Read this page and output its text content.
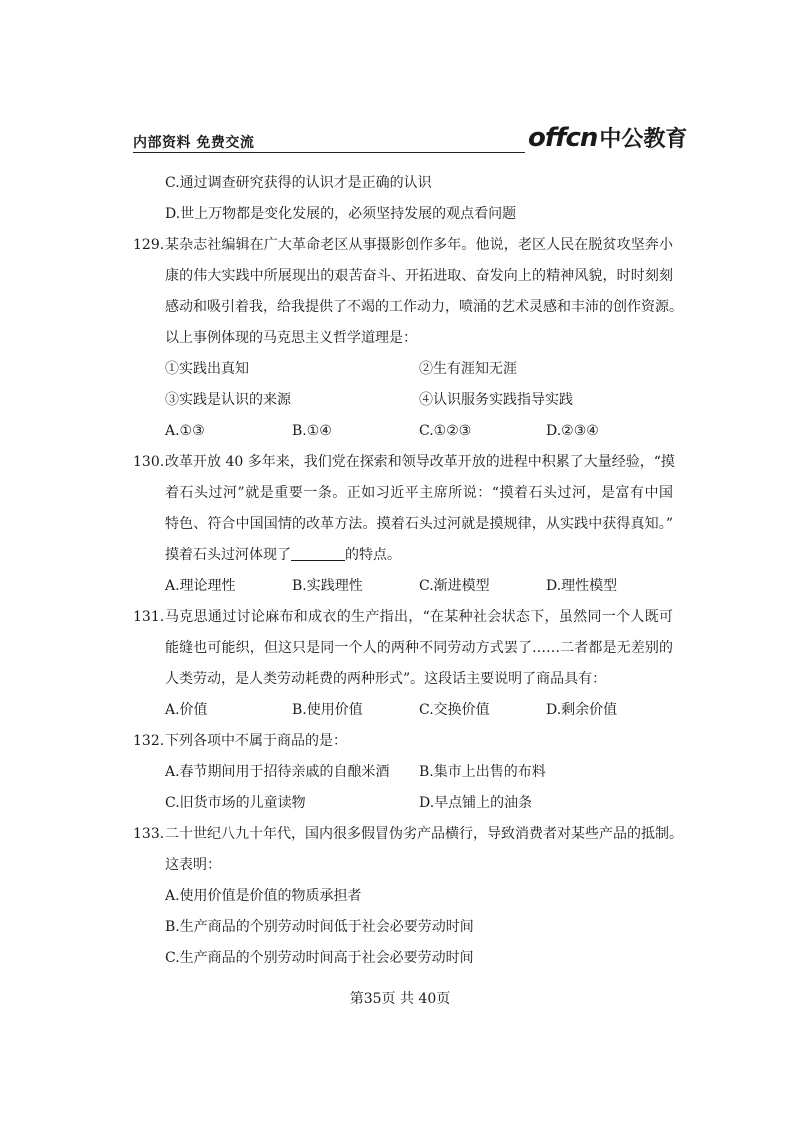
内部资料 免费交流	offcn 中公教育
C.通过调查研究获得的认识才是正确的认识
D.世上万物都是变化发展的，必须坚持发展的观点看问题
129. 某杂志社编辑在广大革命老区从事摄影创作多年。他说，老区人民在脱贫攻坚奔小
康的伟大实践中所展现出的艰苦奋斗、开拓进取、奋发向上的精神风貌，时时刻刻
感动和吸引着我，给我提供了不竭的工作动力，喷涌的艺术灵感和丰沛的创作资源。
以上事例体现的马克思主义哲学道理是：
①实践出真知	②生有涯知无涯
③实践是认识的来源	④认识服务实践指导实践
A.①③	B.①④	C.①②③	D.②③④
130. 改革开放 40 多年来，我们党在探索和领导改革开放的进程中积累了大量经验，“摸
着石头过河”就是重要一条。正如习近平主席所说：“摸着石头过河，是富有中国
特色、符合中国国情的改革方法。摸着石头过河就是摸规律，从实践中获得真知。”
摸着石头过河体现了	的特点。
A.理论理性	B.实践理性	C.渐进模型	D.理性模型
131. 马克思通过讨论麻布和成衣的生产指出，“在某种社会状态下，虽然同一个人既可
能缝也可能织，但这只是同一个人的两种不同劳动方式罢了……二者都是无差别的
人类劳动，是人类劳动耗费的两种形式”。这段话主要说明了商品具有：
A.价值	B.使用价值	C.交换价值	D.剩余价值
132. 下列各项中不属于商品的是：
A.春节期间用于招待亲戚的自酿米酒	B.集市上出售的布料
C.旧货市场的儿童读物	D.早点铺上的油条
133. 二十世纪八九十年代，国内很多假冒伪劣产品横行，导致消费者对某些产品的抵制。
这表明：
A.使用价值是价值的物质承担者
B.生产商品的个别劳动时间低于社会必要劳动时间
C.生产商品的个别劳动时间高于社会必要劳动时间
第35页 共 40页
